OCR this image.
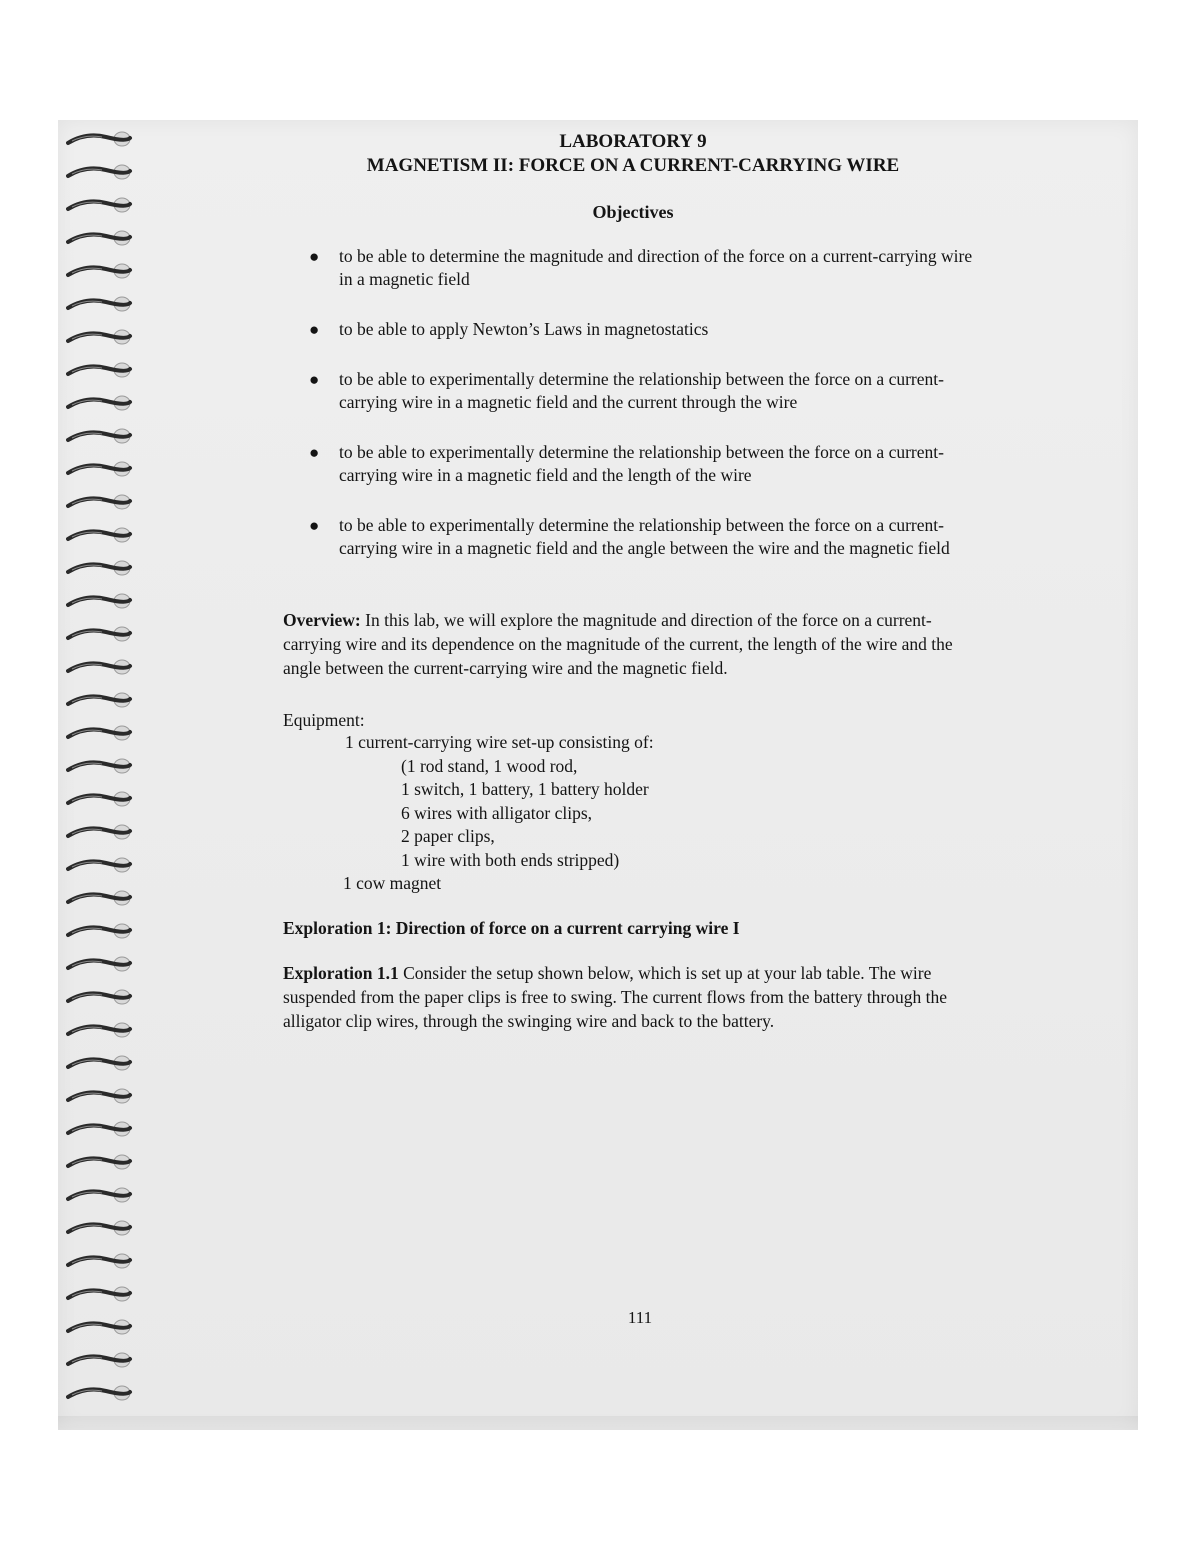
LABORATORY 9
MAGNETISM II: FORCE ON A CURRENT-CARRYING WIRE
Objectives
● to be able to determine the magnitude and direction of the force on a current-carrying wire in a magnetic field
● to be able to apply Newton’s Laws in magnetostatics
● to be able to experimentally determine the relationship between the force on a current-carrying wire in a magnetic field and the current through the wire
● to be able to experimentally determine the relationship between the force on a current-carrying wire in a magnetic field and the length of the wire
● to be able to experimentally determine the relationship between the force on a current-carrying wire in a magnetic field and the angle between the wire and the magnetic field

Overview: In this lab, we will explore the magnitude and direction of the force on a current-carrying wire and its dependence on the magnitude of the current, the length of the wire and the angle between the current-carrying wire and the magnetic field.

Equipment:
1 current-carrying wire set-up consisting of:
(1 rod stand, 1 wood rod,
1 switch, 1 battery, 1 battery holder
6 wires with alligator clips,
2 paper clips,
1 wire with both ends stripped)
1 cow magnet
Exploration 1: Direction of force on a current carrying wire I

Exploration 1.1 Consider the setup shown below, which is set up at your lab table. The wire suspended from the paper clips is free to swing. The current flows from the battery through the alligator clip wires, through the swinging wire and back to the battery.

111
